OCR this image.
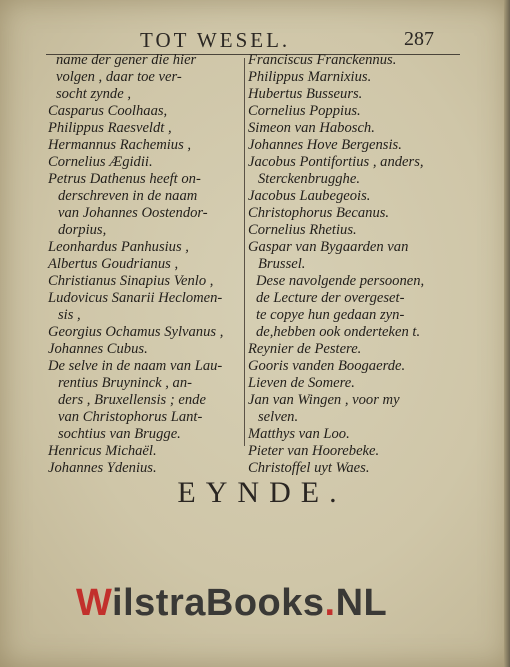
TOT WESEL.	287
name der gener die hier
volgen , daar toe ver-
socht zynde ,
Casparus Coolhaas,
Philippus Raesveldt ,
Hermannus Rachemius ,
Cornelius Ægidii.
Petrus Dathenus heeft on-
derschreven in de naam
van Johannes Oostendor-
dorpius,
Leonhardus Panhusius ,
Albertus Goudrianus ,
Christianus Sinapius Venlo ,
Ludovicus Sanarii Heclomen-
sis ,
Georgius Ochamus Sylvanus ,
Johannes Cubus.
De selve in de naam van Lau-
rentius Bruyninck , an-
ders , Bruxellensis ; ende
van Christophorus Lant-
sochtius van Brugge.
Henricus Michaël.
Johannes Ydenius.
Franciscus Franckennus.
Philippus Marnixius.
Hubertus Busseurs.
Cornelius Poppius.
Simeon van Habosch.
Johannes Hove Bergensis.
Jacobus Pontifortius , anders,
Sterckenbrugghe.
Jacobus Laubegeois.
Christophorus Becanus.
Cornelius Rhetius.
Gaspar van Bygaarden van
Brussel.
Dese navolgende persoonen,
de Lecture der overgeset-
te copye hun gedaan zyn-
de,hebben ook onderteken t.
Reynier de Pestere.
Gooris vanden Boogaerde.
Lieven de Somere.
Jan van Wingen , voor my
selven.
Matthys van Loo.
Pieter van Hoorebeke.
Christoffel uyt Waes.
EYNDE.
WilstraBooks.NL
